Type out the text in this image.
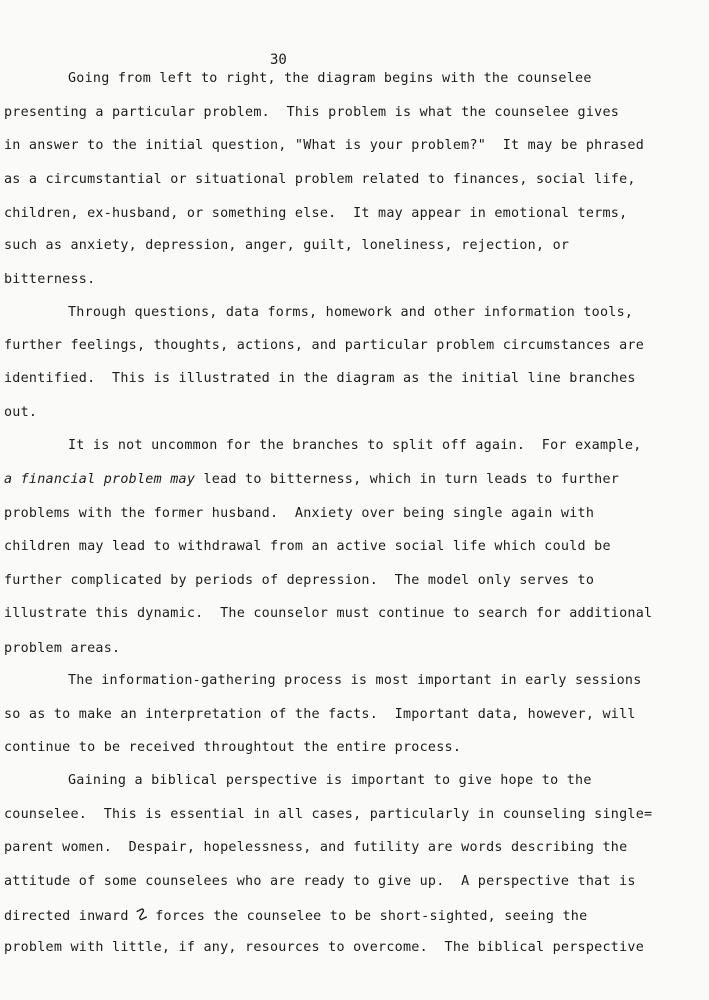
30
Going from left to right, the diagram begins with the counselee
presenting a particular problem.  This problem is what the counselee gives
in answer to the initial question, "What is your problem?"  It may be phrased
as a circumstantial or situational problem related to finances, social life,
children, ex-husband, or something else.  It may appear in emotional terms,
such as anxiety, depression, anger, guilt, loneliness, rejection, or
bitterness.
Through questions, data forms, homework and other information tools,
further feelings, thoughts, actions, and particular problem circumstances are
identified.  This is illustrated in the diagram as the initial line branches
out.
It is not uncommon for the branches to split off again.  For example,
a financial problem may lead to bitterness, which in turn leads to further
problems with the former husband.  Anxiety over being single again with
children may lead to withdrawal from an active social life which could be
further complicated by periods of depression.  The model only serves to
illustrate this dynamic.  The counselor must continue to search for additional
problem areas.
The information-gathering process is most important in early sessions
so as to make an interpretation of the facts.  Important data, however, will
continue to be received throughtout the entire process.
Gaining a biblical perspective is important to give hope to the
counselee.  This is essential in all cases, particularly in counseling single=
parent women.  Despair, hopelessness, and futility are words describing the
attitude of some counselees who are ready to give up.  A perspective that is
directed inward ☡ forces the counselee to be short-sighted, seeing the
problem with little, if any, resources to overcome.  The biblical perspective
